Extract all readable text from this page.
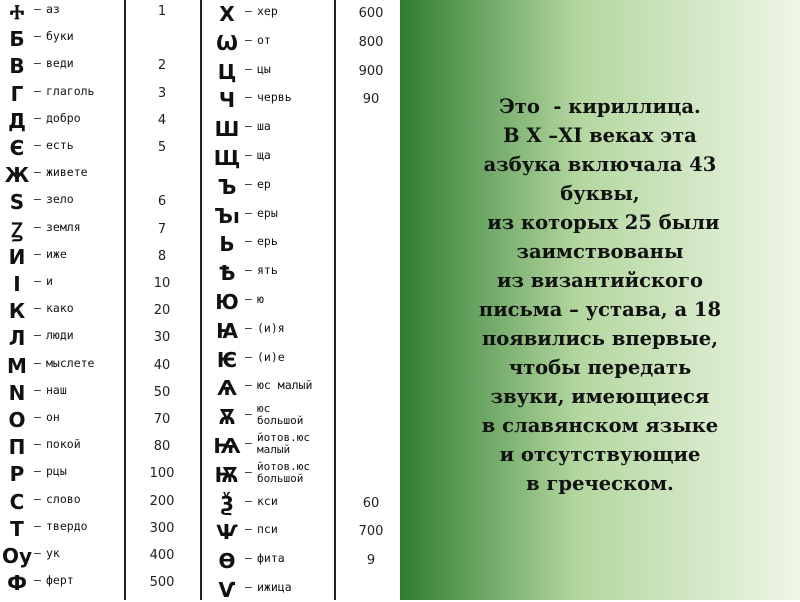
Ⰰ — аз	1
Б — буки
В — веди	2
Г — глаголь	3
Д — добро	4
Є — есть	5
Ж — живете
Ѕ — зело	6
Ꙁ — земля	7
И — иже	8
І	— и	10
К — како	20
Л — люди	30
М — мыслете	40
N — наш	50
О — он	70
П — покой	80
Р — рцы	100
С — слово	200
Т — твердо	300
Оу — ук	400
Ф — ферт	500
Х — хер	600
Ѡ — от	800
Ц — цы	900
Ч — червь	90
Ш — ша
Щ — ща
Ъ — ер
Ъı — еры
Ь — ерь
Ѣ — ять
Ю — ю
Ꙗ — (и)я
Ѥ — (и)е
Ѧ — юс малый
Ѫ — юс
большой
Ѩ — йотов.юс
малый
Ѭ — йотов.юс
большой
Ѯ — кси	60
Ѱ — пси	700
Ѳ — фита	9
Ѵ — ижица
Это  - кириллица.
В X –XI веках эта
азбука включала 43
буквы,
из которых 25 были
заимствованы
из византийского
письма – устава, а 18
появились впервые,
чтобы передать
звуки, имеющиеся
в славянском языке
и отсутствующие
в греческом.
